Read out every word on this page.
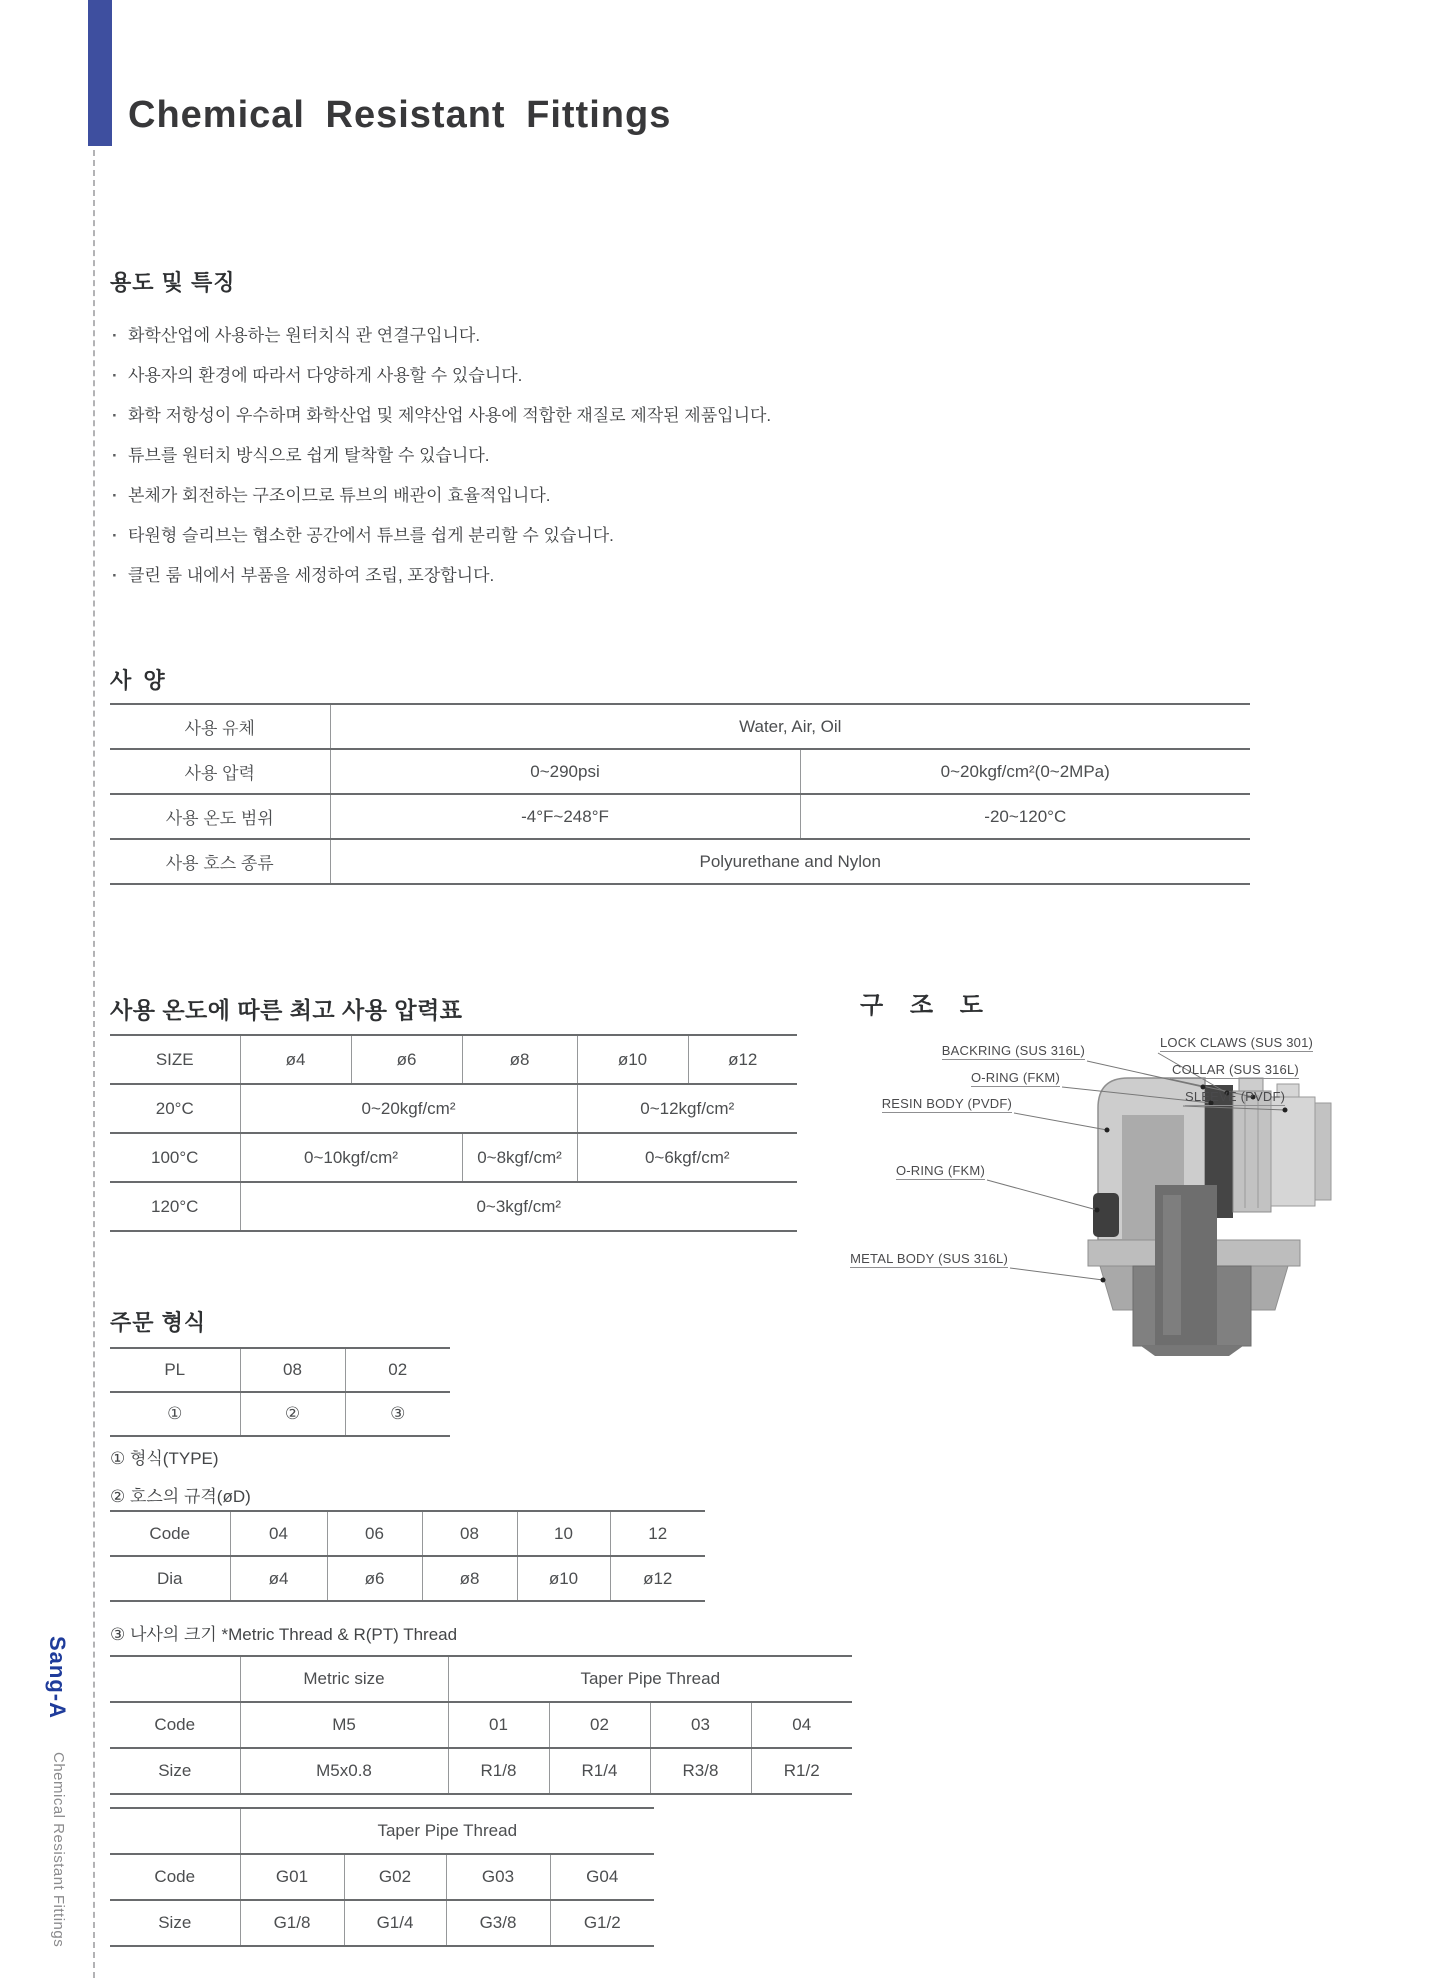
Chemical Resistant Fittings
Sang-A
Chemical Resistant Fittings
용도 및 특징
· 화학산업에 사용하는 원터치식 관 연결구입니다.
· 사용자의 환경에 따라서 다양하게 사용할 수 있습니다.
· 화학 저항성이 우수하며 화학산업 및 제약산업 사용에 적합한 재질로 제작된 제품입니다.
· 튜브를 원터치 방식으로 쉽게 탈착할 수 있습니다.
· 본체가 회전하는 구조이므로 튜브의 배관이 효율적입니다.
· 타원형 슬리브는 협소한 공간에서 튜브를 쉽게 분리할 수 있습니다.
· 클린 룸 내에서 부품을 세정하여 조립, 포장합니다.
사 양
사용 유체	Water, Air, Oil	
사용 압력	0~290psi	0~20kgf/cm²(0~2MPa)
사용 온도 범위	-4°F~248°F	-20~120°C
사용 호스 종류	Polyurethane and Nylon	
사용 온도에 따른 최고 사용 압력표
SIZE	ø4	ø6	ø8	ø10	ø12
20°C	0~20kgf/cm²			0~12kgf/cm²	
100°C	0~10kgf/cm²		0~8kgf/cm²	0~6kgf/cm²	
120°C	0~3kgf/cm²				
구 조 도
BACKRING (SUS 316L)
LOCK CLAWS (SUS 301)
O-RING (FKM)
COLLAR (SUS 316L)
RESIN BODY (PVDF)	SLEEVE (PVDF)
O-RING (FKM)
METAL BODY (SUS 316L)
주문 형식
PL	08	02
①	②	③
① 형식(TYPE)
② 호스의 규격(øD)
Code	04	06	08	10	12
Dia	ø4	ø6	ø8	ø10	ø12
③ 나사의 크기 *Metric Thread & R(PT) Thread
	Metric size	Taper Pipe Thread			
Code	M5	01	02	03	04
Size	M5x0.8	R1/8	R1/4	R3/8	R1/2
	Taper Pipe Thread			
Code	G01	G02	G03	G04
Size	G1/8	G1/4	G3/8	G1/2
